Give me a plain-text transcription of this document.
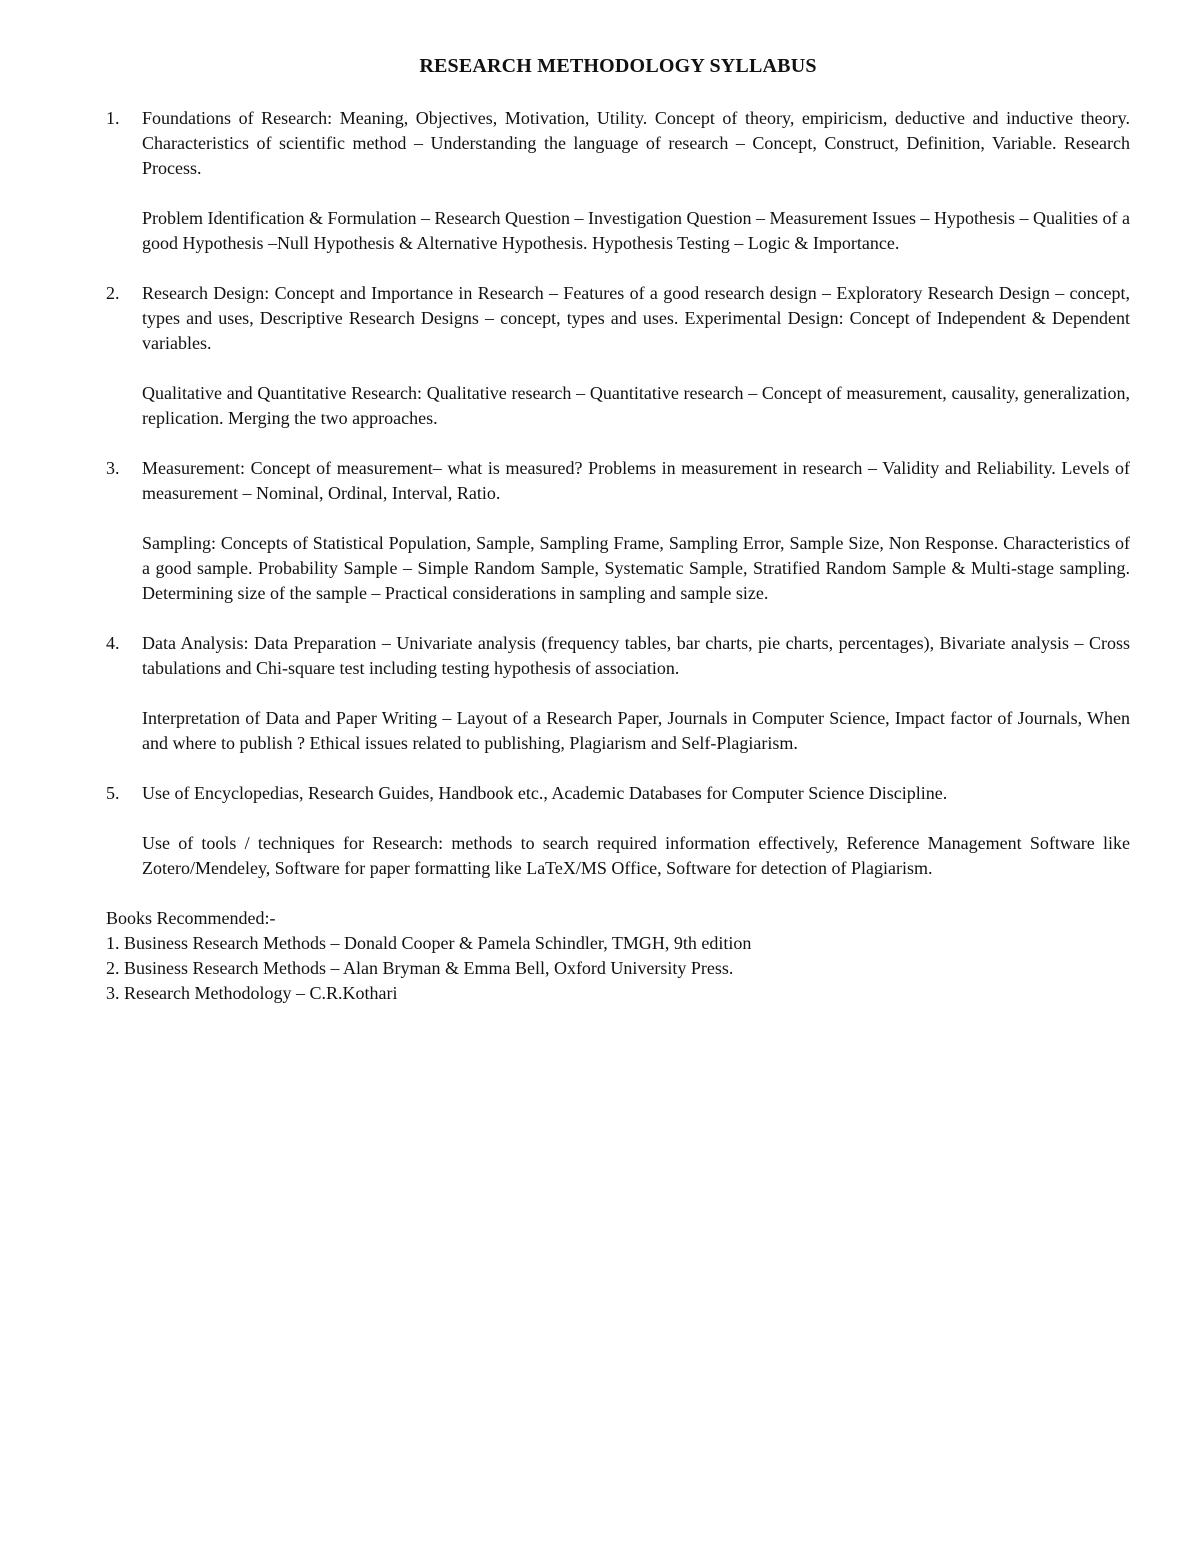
RESEARCH METHODOLOGY SYLLABUS
1. Foundations of Research: Meaning, Objectives, Motivation, Utility. Concept of theory, empiricism, deductive and inductive theory. Characteristics of scientific method – Understanding the language of research – Concept, Construct, Definition, Variable. Research Process.

Problem Identification & Formulation – Research Question – Investigation Question – Measurement Issues – Hypothesis – Qualities of a good Hypothesis –Null Hypothesis & Alternative Hypothesis. Hypothesis Testing – Logic & Importance.

2. Research Design: Concept and Importance in Research – Features of a good research design – Exploratory Research Design – concept, types and uses, Descriptive Research Designs – concept, types and uses. Experimental Design: Concept of Independent & Dependent variables.

Qualitative and Quantitative Research: Qualitative research – Quantitative research – Concept of measurement, causality, generalization, replication. Merging the two approaches.

3. Measurement: Concept of measurement– what is measured? Problems in measurement in research – Validity and Reliability. Levels of measurement – Nominal, Ordinal, Interval, Ratio.

Sampling: Concepts of Statistical Population, Sample, Sampling Frame, Sampling Error, Sample Size, Non Response. Characteristics of a good sample. Probability Sample – Simple Random Sample, Systematic Sample, Stratified Random Sample & Multi-stage sampling. Determining size of the sample – Practical considerations in sampling and sample size.

4. Data Analysis: Data Preparation – Univariate analysis (frequency tables, bar charts, pie charts, percentages), Bivariate analysis – Cross tabulations and Chi-square test including testing hypothesis of association.

Interpretation of Data and Paper Writing – Layout of a Research Paper, Journals in Computer Science, Impact factor of Journals, When and where to publish ? Ethical issues related to publishing, Plagiarism and Self-Plagiarism.

5. Use of Encyclopedias, Research Guides, Handbook etc., Academic Databases for Computer Science Discipline.

Use of tools / techniques for Research: methods to search required information effectively, Reference Management Software like Zotero/Mendeley, Software for paper formatting like LaTeX/MS Office, Software for detection of Plagiarism.

Books Recommended:-
1. Business Research Methods – Donald Cooper & Pamela Schindler, TMGH, 9th edition
2. Business Research Methods – Alan Bryman & Emma Bell, Oxford University Press.
3. Research Methodology – C.R.Kothari
